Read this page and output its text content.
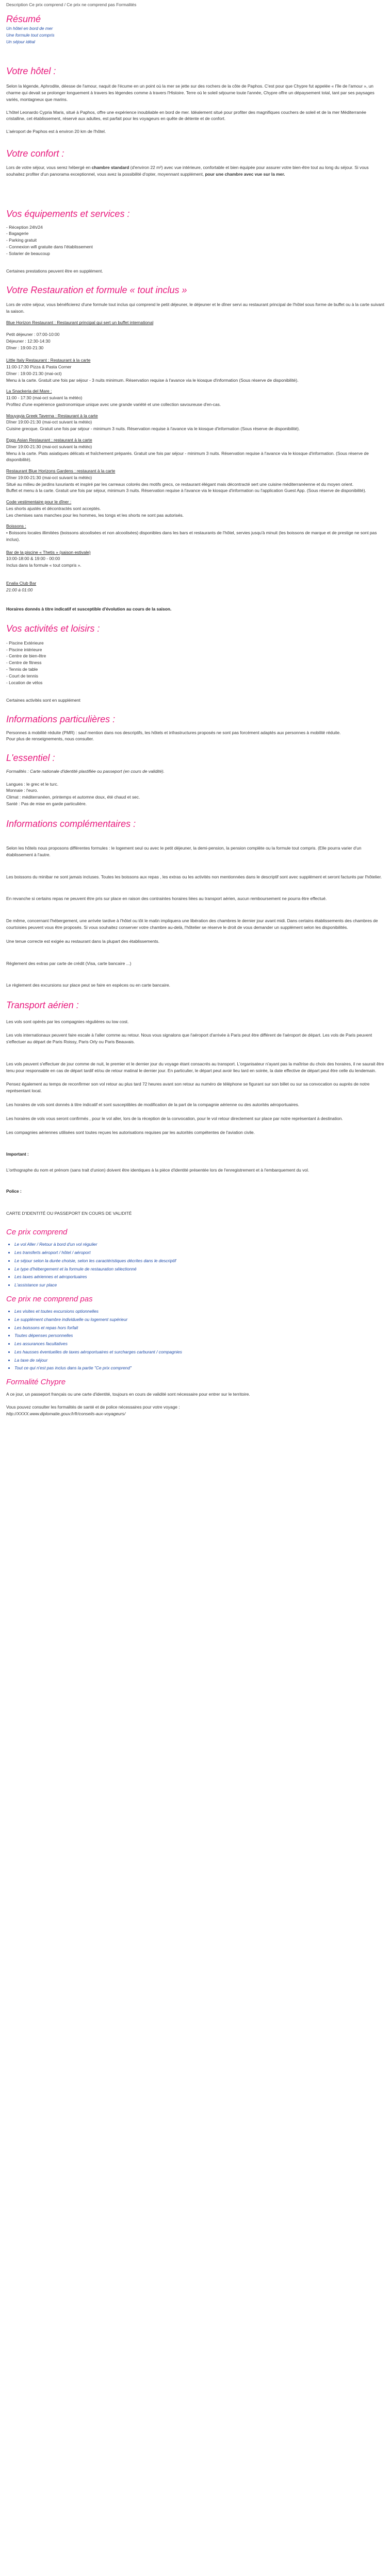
Description Ce prix comprend / Ce prix ne comprend pas Formalités
Résumé
Un hôtel en bord de mer
Une formule tout compris
Un séjour idéal
Votre hôtel :

Selon la légende, Aphrodite, déesse de l'amour, naquit de l'écume en un point où la mer se jette sur des rochers de la côte de Paphos. C'est pour que Chypre fut appelée « l'île de l'amour », un charme qui devait se prolonger longuement à travers les légendes comme à travers l'Histoire. Terre où le soleil séjourne toute l'année, Chypre offre un dépaysement total, tant par ses paysages variés, montagneux que marins.

L'hôtel Leonardo Cypria Maris, situé à Paphos, offre une expérience inoubliable en bord de mer. Idéalement situé pour profiter des magnifiques couchers de soleil et de la mer Méditerranée cristalline, cet établissement, réservé aux adultes, est parfait pour les voyageurs en quête de détente et de confort.

L'aéroport de Paphos est à environ 20 km de l'hôtel.

Votre confort :

Lors de votre séjour, vous serez hébergé en chambre standard (d'environ 22 m²) avec vue intérieure, confortable et bien équipée pour assurer votre bien-être tout au long du séjour. Si vous souhaitez profiter d'un panorama exceptionnel, vous avez la possibilité d'opter, moyennant supplément, pour une chambre avec vue sur la mer.

Vos équipements et services :
- Réception 24h/24
- Bagagerie
- Parking gratuit
- Connexion wifi gratuite dans l'établissement
- Solarier de beaucoup

Certaines prestations peuvent être en supplément.

Votre Restauration et formule « tout inclus »

Lors de votre séjour, vous bénéficierez d'une formule tout inclus qui comprend le petit déjeuner, le déjeuner et le dîner servi au restaurant principal de l'hôtel sous forme de buffet ou à la carte suivant la saison.

Blue Horizon Restaurant : Restaurant principal qui sert un buffet international
Petit déjeuner : 07:00-10:00
Déjeuner : 12:30-14:30
Dîner : 19:00-21:30
Little Italy Restaurant : Restaurant à la carte
11:00-17:30 Pizza & Pasta Corner
Dîner : 19:00-21:30 (mai-oct)
Menu à la carte. Gratuit une fois par séjour - 3 nuits minimum. Réservation requise à l'avance via le kiosque d'information (Sous réserve de disponibilité).
La Snackeria del Mare :
11:00 - 17:30 (mai-oct suivant la météo)
Profitez d'une expérience gastronomique unique avec une grande variété et une collection savoureuse d'en-cas.
Mouyayia Greek Taverna : Restaurant à la carte
Dîner 19:00-21:30 (mai-oct suivant la météo)
Cuisine grecque. Gratuit une fois par séjour - minimum 3 nuits. Réservation requise à l'avance via le kiosque d'information (Sous réserve de disponibilité).
Eggs Asian Restaurant : restaurant à la carte
Dîner 19:00-21:30 (mai-oct suivant la météo)
Menu à la carte. Plats asiatiques délicats et fraîchement préparés. Gratuit une fois par séjour - minimum 3 nuits. Réservation requise à l'avance via le kiosque d'information. (Sous réserve de disponibilité).
Restaurant Blue Horizons Gardens : restaurant à la carte
Dîner 19:00-21:30 (mai-oct suivant la météo)
Situé au milieu de jardins luxuriants et inspiré par les carreaux colorés des motifs grecs, ce restaurant élégant mais décontracté sert une cuisine méditerranéenne et du moyen orient.
Buffet et menu à la carte. Gratuit une fois par séjour, minimum 3 nuits. Réservation requise à l'avance via le kiosque d'information ou l'application Guest App. (Sous réserve de disponibilité).
Code vestimentaire pour le dîner :
Les shorts ajustés et décontractés sont acceptés.
Les chemises sans manches pour les hommes, les tongs et les shorts ne sont pas autorisés.
Boissons :
• Boissons locales illimitées (boissons alcoolisées et non alcoolisées) disponibles dans les bars et restaurants de l'hôtel, servies jusqu'à minuit (les boissons de marque et de prestige ne sont pas inclus).
Bar de la piscine « Thetis » (saison estivale)
10:00-18:00 & 19:00 - 00:00
Inclus dans la formule « tout compris ».
Enalia Club Bar
21:00 à 01:00

Horaires donnés à titre indicatif et susceptible d'évolution au cours de la saison.

Vos activités et loisirs :
- Piscine Extérieure
- Piscine intérieure
- Centre de bien-être
- Centre de fitness
- Tennis de table
- Court de tennis
- Location de vélos

Certaines activités sont en supplément

Informations particulières :

Personnes à mobilité réduite (PMR) : sauf mention dans nos descriptifs, les hôtels et infrastructures proposés ne sont pas forcément adaptés aux personnes à mobilité réduite.
Pour plus de renseignements, nous consulter.

L'essentiel :

Formalités : Carte nationale d'identité plastifiée ou passeport (en cours de validité).

Langues : le grec et le turc.
Monnaie : l'euro.
Climat : méditerranéen, printemps et automne doux, été chaud et sec.
Santé : Pas de mise en garde particulière.

Informations complémentaires :

Selon les hôtels nous proposons différentes formules : le logement seul ou avec le petit déjeuner, la demi-pension, la pension complète ou la formule tout compris. (Elle pourra varier d'un établissement à l'autre.

Les boissons du minibar ne sont jamais incluses. Toutes les boissons aux repas , les extras ou les activités non mentionnées dans le descriptif sont avec supplément et seront facturés par l'hôtelier.

En revanche si certains repas ne peuvent être pris sur place en raison des contraintes horaires liées au transport aérien, aucun remboursement ne pourra être effectué.

De même, concernant l'hébergement, une arrivée tardive à l'hôtel ou tôt le matin impliquera une libération des chambres le dernier jour avant midi. Dans certains établissements des chambres de courtoisies peuvent vous être proposés. Si vous souhaitez conserver votre chambre au-delà, l'hôtelier se réserve le droit de vous demander un supplément selon les disponibilités.

Une tenue correcte est exigée au restaurant dans la plupart des établissements.

Règlement des extras par carte de crédit (Visa, carte bancaire ...)

Le règlement des excursions sur place peut se faire en espèces ou en carte bancaire.

Transport aérien :

Les vols sont opérés par les compagnies régulières ou low cost.

Les vols internationaux peuvent faire escale à l'aller comme au retour. Nous vous signalons que l'aéroport d'arrivée à Paris peut être différent de l'aéroport de départ. Les vols de Paris peuvent s'effectuer au départ de Paris Roissy, Paris Orly ou Paris Beauvais.

Les vols peuvent s'effectuer de jour comme de nuit, le premier et le dernier jour du voyage étant consacrés au transport. L'organisateur n'ayant pas la maîtrise du choix des horaires, il ne saurait être tenu pour responsable en cas de départ tardif et/ou de retour matinal le dernier jour. En particulier, le départ peut avoir lieu tard en soirée, la date effective de départ peut être celle du lendemain.

Pensez également au temps de reconfirmer son vol retour au plus tard 72 heures avant son retour au numéro de téléphone se figurant sur son billet ou sur sa convocation ou auprès de notre représentant local.

Les horaires de vols sont donnés à titre indicatif et sont susceptibles de modification de la part de la compagnie aérienne ou des autorités aéroportuaires.

Les horaires de vols vous seront confirmés , pour le vol aller, lors de la réception de la convocation, pour le vol retour directement sur place par notre représentant à destination.

Les compagnies aériennes utilisées sont toutes reçues les autorisations requises par les autorités compétentes de l'aviation civile.

Important :

L'orthographe du nom et prénom (sans trait d'union) doivent être identiques à la pièce d'identité présentée lors de l'enregistrement et à l'embarquement du vol.

Police :

CARTE D'IDENTITÉ OU PASSEPORT EN COURS DE VALIDITÉ

Ce prix comprend
• Le vol Aller / Retour à bord d'un vol régulier
• Les transferts aéroport / hôtel / aéroport
• Le séjour selon la durée choisie, selon les caractéristiques décrites dans le descriptif
• Le type d'hébergement et la formule de restauration sélectionné
• Les taxes aériennes et aéroportuaires
• L'assistance sur place
Ce prix ne comprend pas
• Les visites et toutes excursions optionnelles
• Le supplément chambre individuelle ou logement supérieur
• Les boissons et repas hors forfait
• Toutes dépenses personnelles
• Les assurances facultatives
• Les hausses éventuelles de taxes aéroportuaires et surcharges carburant / compagnies
• La taxe de séjour
• Tout ce qui n'est pas inclus dans la partie "Ce prix comprend"
Formalité Chypre

A ce jour, un passeport français ou une carte d'identité, toujours en cours de validité sont nécessaire pour entrer sur le territoire.

Vous pouvez consulter les formalités de santé et de police nécessaires pour votre voyage :

http://XXXX.www.diplomatie.gouv.fr/fr/conseils-aux-voyageurs/
